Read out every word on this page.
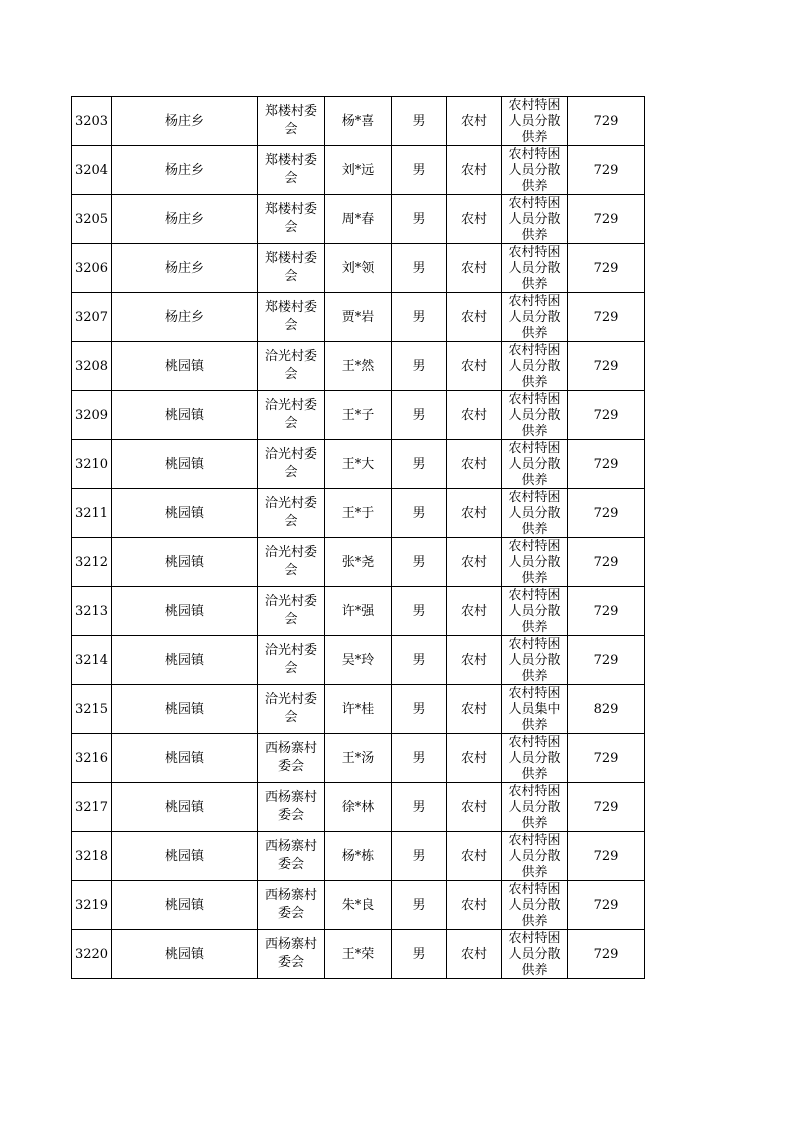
3203	杨庄乡	郑楼村委会	杨*喜	男	农村	农村特困人员分散供养	729
3204	杨庄乡	郑楼村委会	刘*远	男	农村	农村特困人员分散供养	729
3205	杨庄乡	郑楼村委会	周*春	男	农村	农村特困人员分散供养	729
3206	杨庄乡	郑楼村委会	刘*领	男	农村	农村特困人员分散供养	729
3207	杨庄乡	郑楼村委会	贾*岩	男	农村	农村特困人员分散供养	729
3208	桃园镇	洽光村委会	王*然	男	农村	农村特困人员分散供养	729
3209	桃园镇	洽光村委会	王*子	男	农村	农村特困人员分散供养	729
3210	桃园镇	洽光村委会	王*大	男	农村	农村特困人员分散供养	729
3211	桃园镇	洽光村委会	王*于	男	农村	农村特困人员分散供养	729
3212	桃园镇	洽光村委会	张*尧	男	农村	农村特困人员分散供养	729
3213	桃园镇	洽光村委会	许*强	男	农村	农村特困人员分散供养	729
3214	桃园镇	洽光村委会	吴*玲	男	农村	农村特困人员分散供养	729
3215	桃园镇	洽光村委会	许*桂	男	农村	农村特困人员集中供养	829
3216	桃园镇	西杨寨村委会	王*汤	男	农村	农村特困人员分散供养	729
3217	桃园镇	西杨寨村委会	徐*林	男	农村	农村特困人员分散供养	729
3218	桃园镇	西杨寨村委会	杨*栋	男	农村	农村特困人员分散供养	729
3219	桃园镇	西杨寨村委会	朱*良	男	农村	农村特困人员分散供养	729
3220	桃园镇	西杨寨村委会	王*荣	男	农村	农村特困人员分散供养	729
